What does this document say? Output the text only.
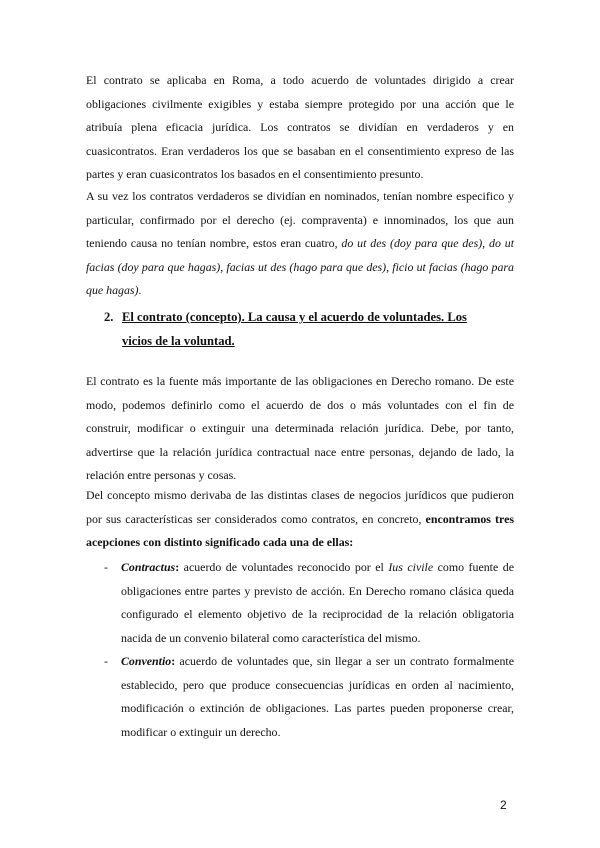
El contrato se aplicaba en Roma, a todo acuerdo de voluntades dirigido a crear obligaciones civilmente exigibles y estaba siempre protegido por una acción que le atribuía plena eficacia jurídica. Los contratos se dividían en verdaderos y en cuasicontratos. Eran verdaderos los que se basaban en el consentimiento expreso de las partes y eran cuasicontratos los basados en el consentimiento presunto.

A su vez los contratos verdaderos se dividían en nominados, tenían nombre especifico y particular, confirmado por el derecho (ej. compraventa) e innominados, los que aun teniendo causa no tenían nombre, estos eran cuatro, do ut des (doy para que des), do ut facias (doy para que hagas), facias ut des (hago para que des), ficio ut facias (hago para que hagas).

2. El contrato (concepto). La causa y el acuerdo de voluntades. Los
vicios de la voluntad.

El contrato es la fuente más importante de las obligaciones en Derecho romano. De este modo, podemos definirlo como el acuerdo de dos o más voluntades con el fin de construir, modificar o extinguir una determinada relación jurídica. Debe, por tanto, advertirse que la relación jurídica contractual nace entre personas, dejando de lado, la relación entre personas y cosas.

Del concepto mismo derivaba de las distintas clases de negocios jurídicos que pudieron por sus características ser considerados como contratos, en concreto, encontramos tres acepciones con distinto significado cada una de ellas:

- Contractus: acuerdo de voluntades reconocido por el Ius civile como fuente de obligaciones entre partes y previsto de acción. En Derecho romano clásica queda configurado el elemento objetivo de la reciprocidad de la relación obligatoria nacida de un convenio bilateral como característica del mismo.
- Conventio: acuerdo de voluntades que, sin llegar a ser un contrato formalmente establecido, pero que produce consecuencias jurídicas en orden al nacimiento, modificación o extinción de obligaciones. Las partes pueden proponerse crear, modificar o extinguir un derecho.
2
